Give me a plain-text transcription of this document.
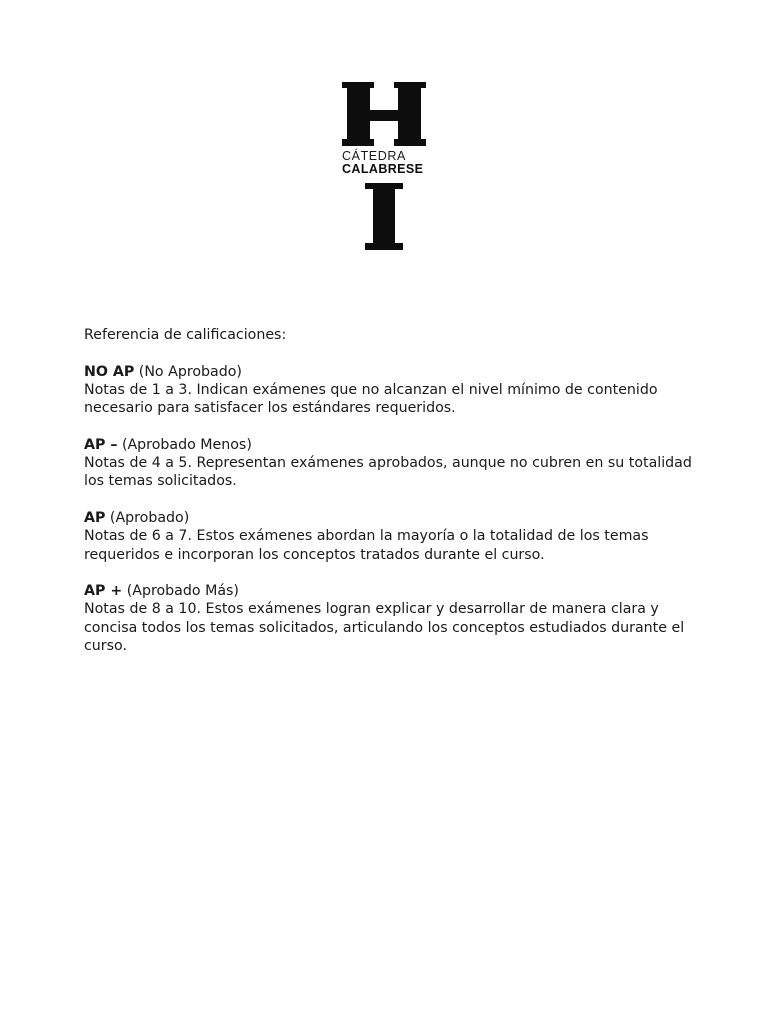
CÁTEDRA
CALABRESE

Referencia de calificaciones:

NO AP (No Aprobado)

Notas de 1 a 3. Indican exámenes que no alcanzan el nivel mínimo de contenido necesario para satisfacer los estándares requeridos.

AP – (Aprobado Menos)

Notas de 4 a 5. Representan exámenes aprobados, aunque no cubren en su totalidad los temas solicitados.

AP (Aprobado)

Notas de 6 a 7. Estos exámenes abordan la mayoría o la totalidad de los temas requeridos e incorporan los conceptos tratados durante el curso.

AP + (Aprobado Más)

Notas de 8 a 10. Estos exámenes logran explicar y desarrollar de manera clara y concisa todos los temas solicitados, articulando los conceptos estudiados durante el curso.
